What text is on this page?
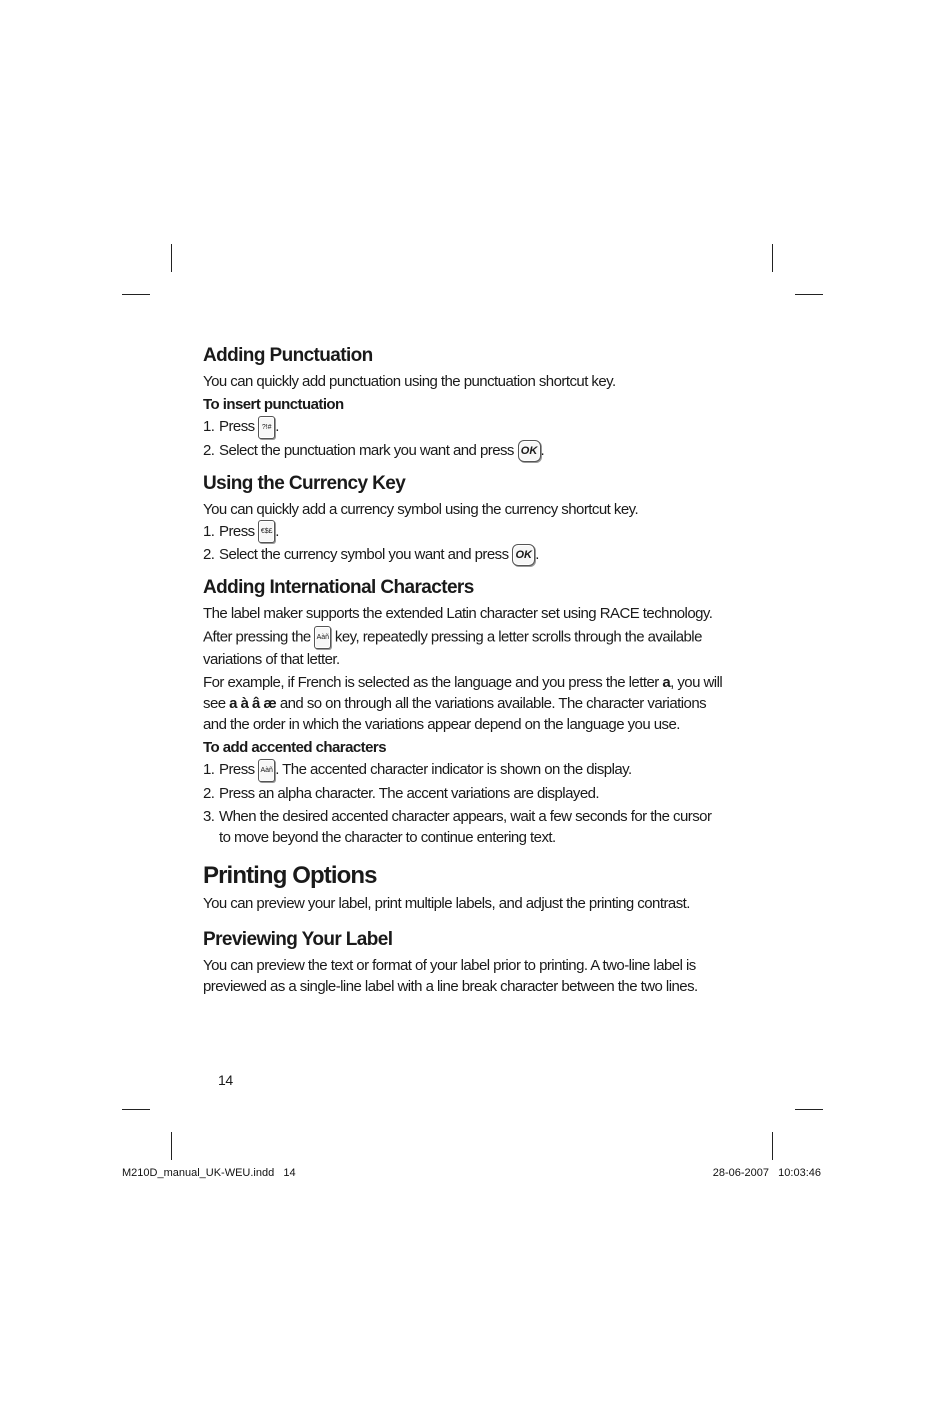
Adding Punctuation

You can quickly add punctuation using the punctuation shortcut key.

To insert punctuation

1. Press ?!# .
2. Select the punctuation mark you want and press OK .
Using the Currency Key

You can quickly add a currency symbol using the currency shortcut key.

1. Press €$£ .
2. Select the currency symbol you want and press OK .
Adding International Characters

The label maker supports the extended Latin character set using RACE technology.

After pressing the Aàñ key, repeatedly pressing a letter scrolls through the available variations of that letter.

For example, if French is selected as the language and you press the letter a, you will see a à â æ and so on through all the variations available. The character variations and the order in which the variations appear depend on the language you use.

To add accented characters

1. Press Aàñ . The accented character indicator is shown on the display.
2. Press an alpha character. The accent variations are displayed.
3. When the desired accented character appears, wait a few seconds for the cursor to move beyond the character to continue entering text.
Printing Options

You can preview your label, print multiple labels, and adjust the printing contrast.

Previewing Your Label

You can preview the text or format of your label prior to printing. A two-line label is previewed as a single-line label with a line break character between the two lines.

14
M210D_manual_UK-WEU.indd   14	28-06-2007   10:03:46
